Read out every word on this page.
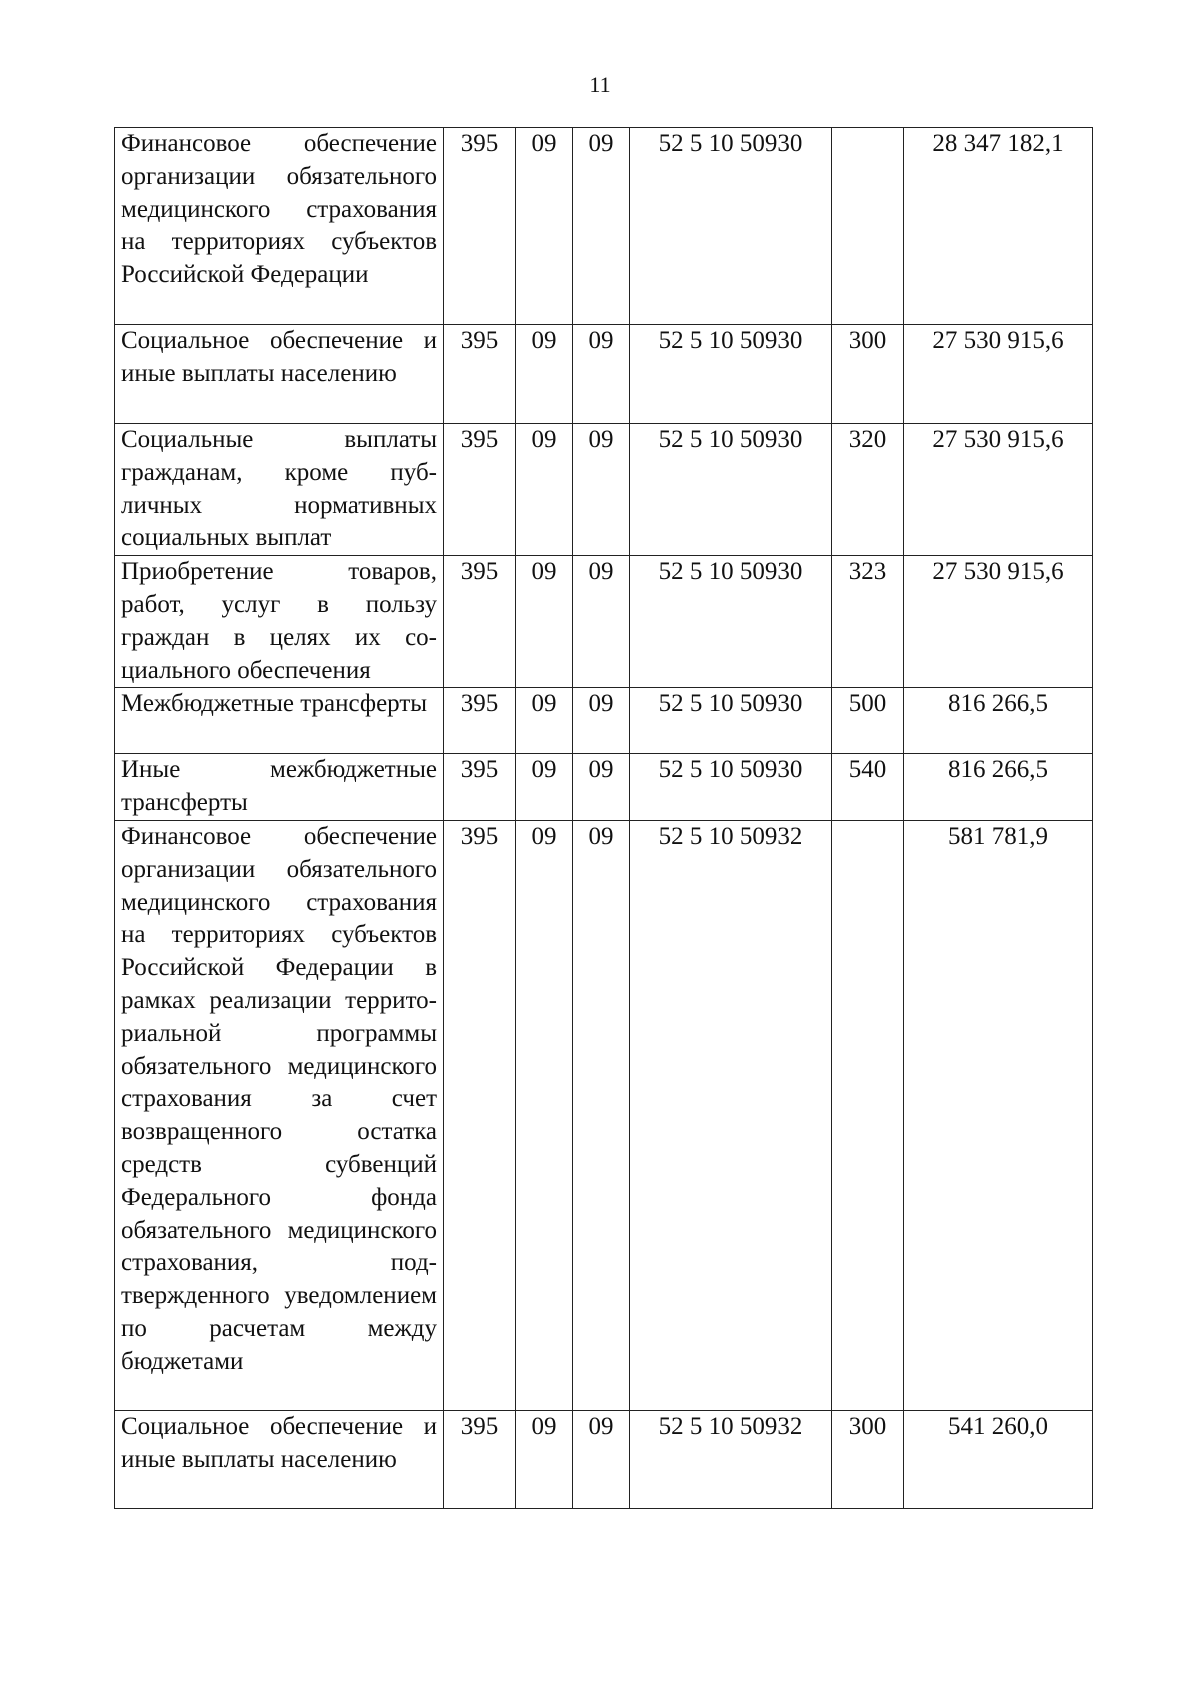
11
Финансовое обеспечение организации обязательного медицинского страхования на территориях субъектов Российской Федерации	395	09	09	52 5 10 50930		28 347 182,1
Социальное обеспечение и иные выплаты населению	395	09	09	52 5 10 50930	300	27 530 915,6
Социальные выплаты гражданам, кроме публичных нормативных социальных выплат	395	09	09	52 5 10 50930	320	27 530 915,6
Приобретение товаров, работ, услуг в пользу граждан в целях их социального обеспечения	395	09	09	52 5 10 50930	323	27 530 915,6
Межбюджетные трансферты	395	09	09	52 5 10 50930	500	816 266,5
Иные межбюджетные трансферты	395	09	09	52 5 10 50930	540	816 266,5
Финансовое обеспечение организации обязательного медицинского страхования на территориях субъектов Российской Федерации в рамках реализации территориальной программы обязательного медицинского страхования за счет возвращенного остатка средств субвенций Федерального фонда обязательного медицинского страхования, подтвержденного уведомлением по расчетам между бюджетами	395	09	09	52 5 10 50932		581 781,9
Социальное обеспечение и иные выплаты населению	395	09	09	52 5 10 50932	300	541 260,0
